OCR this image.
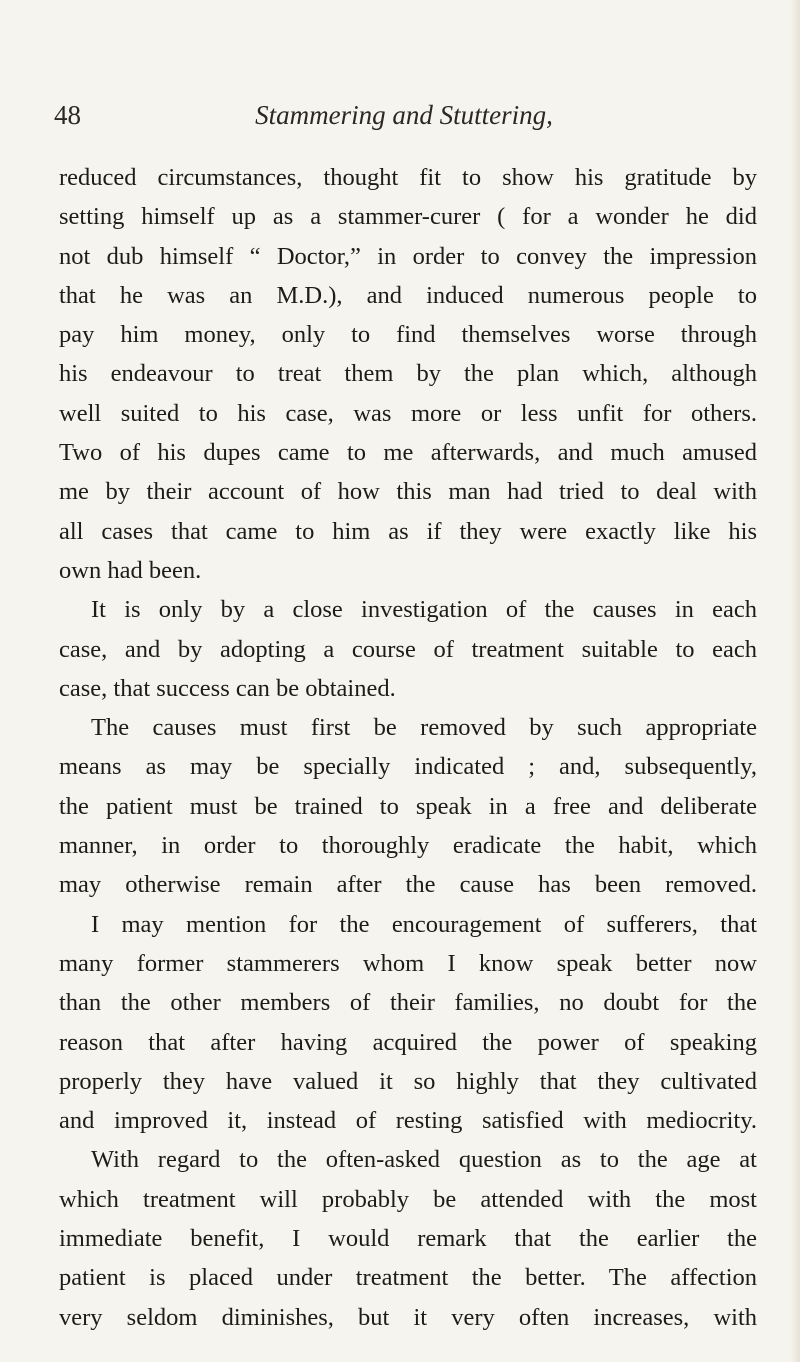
48	Stammering and Stuttering,
reduced circumstances, thought fit to show his gratitude by
setting himself up as a stammer-curer ( for a wonder he did
not dub himself “ Doctor,” in order to convey the impression
that he was an M.D.), and induced numerous people to
pay him money, only to find themselves worse through
his endeavour to treat them by the plan which, although
well suited to his case, was more or less unfit for others.
Two of his dupes came to me afterwards, and much amused
me by their account of how this man had tried to deal with
all cases that came to him as if they were exactly like his
own had been.
It is only by a close investigation of the causes in each
case, and by adopting a course of treatment suitable to each
case, that success can be obtained.
The causes must first be removed by such appropriate
means as may be specially indicated ; and, subsequently,
the patient must be trained to speak in a free and deliberate
manner, in order to thoroughly eradicate the habit, which
may otherwise remain after the cause has been removed.
I may mention for the encouragement of sufferers, that
many former stammerers whom I know speak better now
than the other members of their families, no doubt for the
reason that after having acquired the power of speaking
properly they have valued it so highly that they cultivated
and improved it, instead of resting satisfied with mediocrity.
With regard to the often-asked question as to the age at
which treatment will probably be attended with the most
immediate benefit, I would remark that the earlier the
patient is placed under treatment the better. The affection
very seldom diminishes, but it very often increases, with
